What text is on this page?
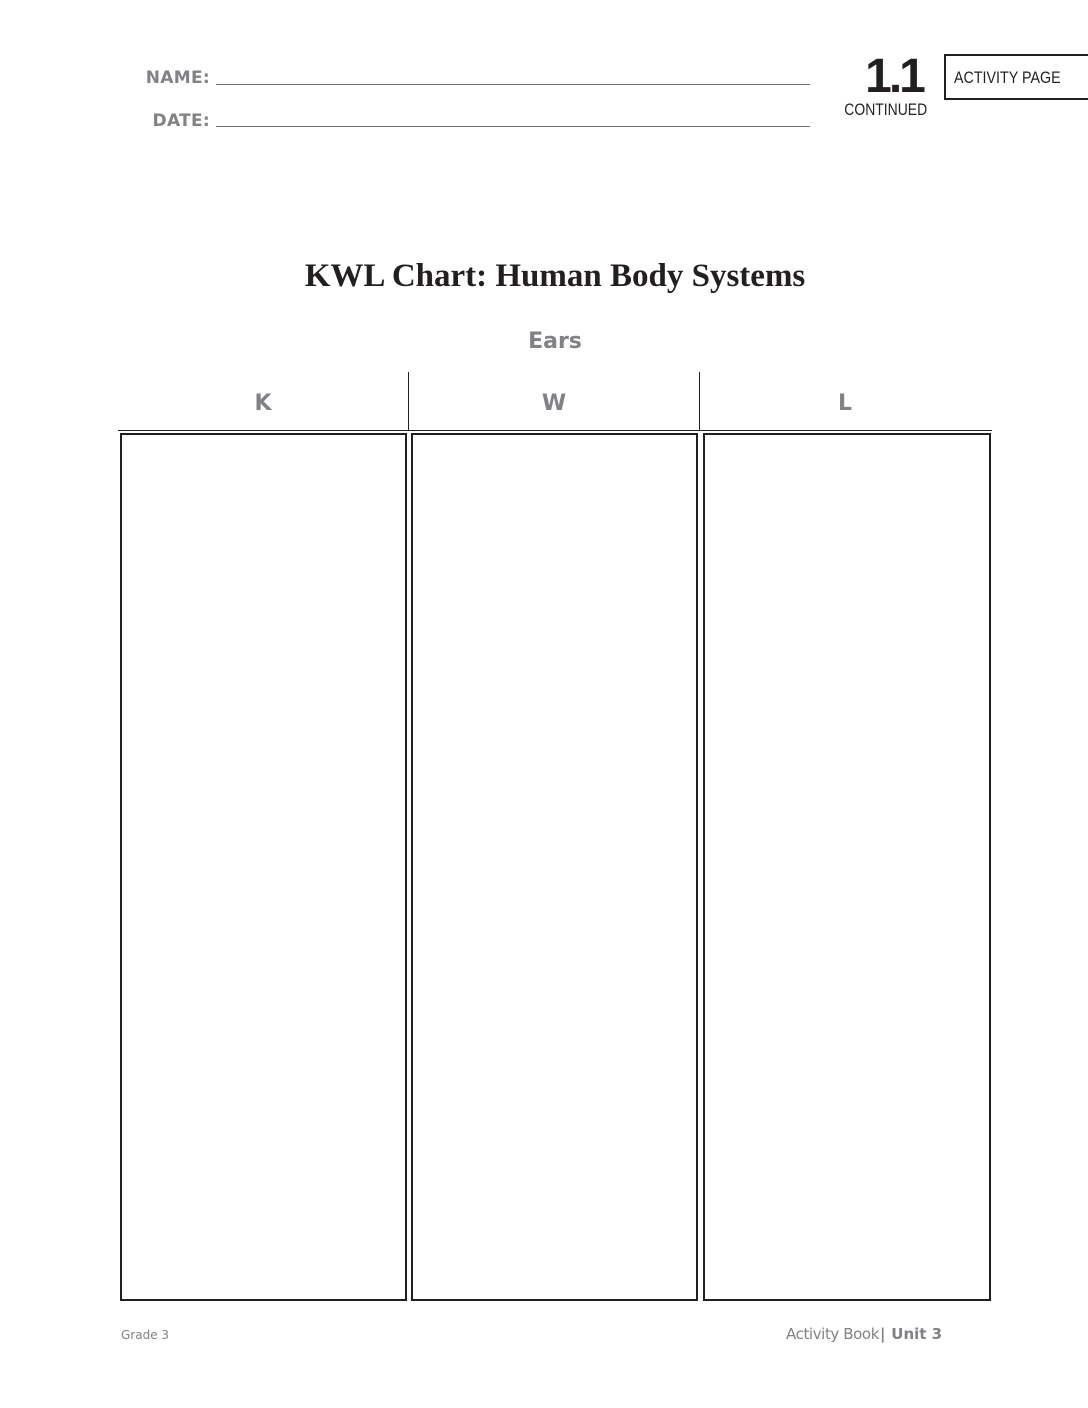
NAME:
DATE:
1.1
CONTINUED
ACTIVITY PAGE
KWL Chart: Human Body Systems
Ears
K	W	L
Grade 3	Activity Book| Unit 3
